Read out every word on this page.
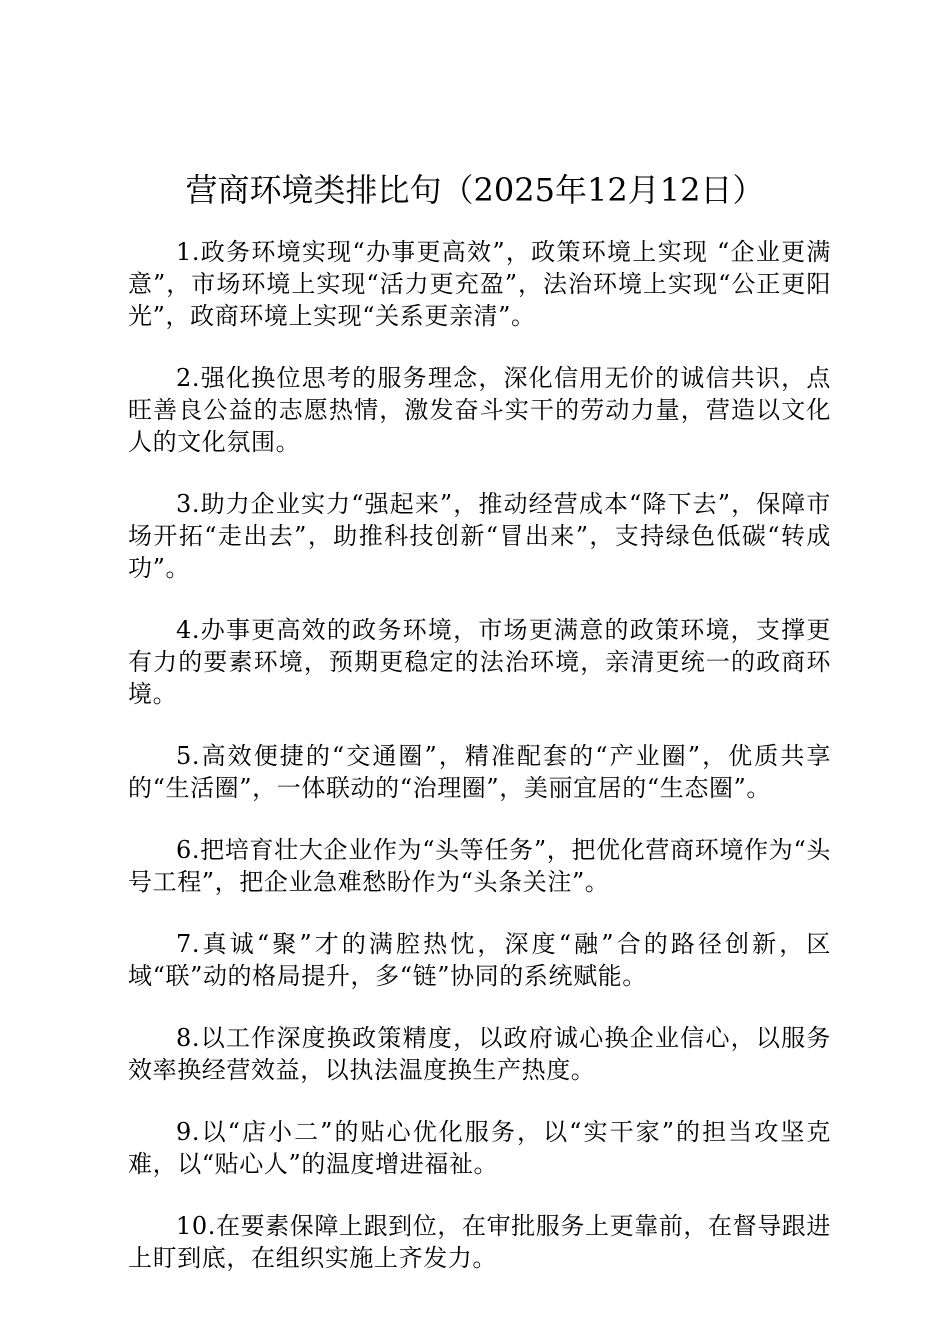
营商环境类排比句（2025年12月12日）

1.政务环境实现“办事更高效”，政策环境上实现 “企业更满意”，市场环境上实现“活力更充盈”，法治环境上实现“公正更阳光”，政商环境上实现“关系更亲清”。

2.强化换位思考的服务理念，深化信用无价的诚信共识，点旺善良公益的志愿热情，激发奋斗实干的劳动力量，营造以文化人的文化氛围。

3.助力企业实力“强起来”，推动经营成本“降下去”，保障市场开拓“走出去”，助推科技创新“冒出来”，支持绿色低碳“转成功”。

4.办事更高效的政务环境，市场更满意的政策环境，支撑更有力的要素环境，预期更稳定的法治环境，亲清更统一的政商环境。

5.高效便捷的“交通圈”，精准配套的“产业圈”，优质共享的“生活圈”，一体联动的“治理圈”，美丽宜居的“生态圈”。

6.把培育壮大企业作为“头等任务”，把优化营商环境作为“头号工程”，把企业急难愁盼作为“头条关注”。

7.真诚“聚”才的满腔热忱，深度“融”合的路径创新，区域“联”动的格局提升，多“链”协同的系统赋能。

8.以工作深度换政策精度，以政府诚心换企业信心，以服务效率换经营效益，以执法温度换生产热度。

9.以“店小二”的贴心优化服务，以“实干家”的担当攻坚克难，以“贴心人”的温度增进福祉。

10.在要素保障上跟到位，在审批服务上更靠前，在督导跟进上盯到底，在组织实施上齐发力。
